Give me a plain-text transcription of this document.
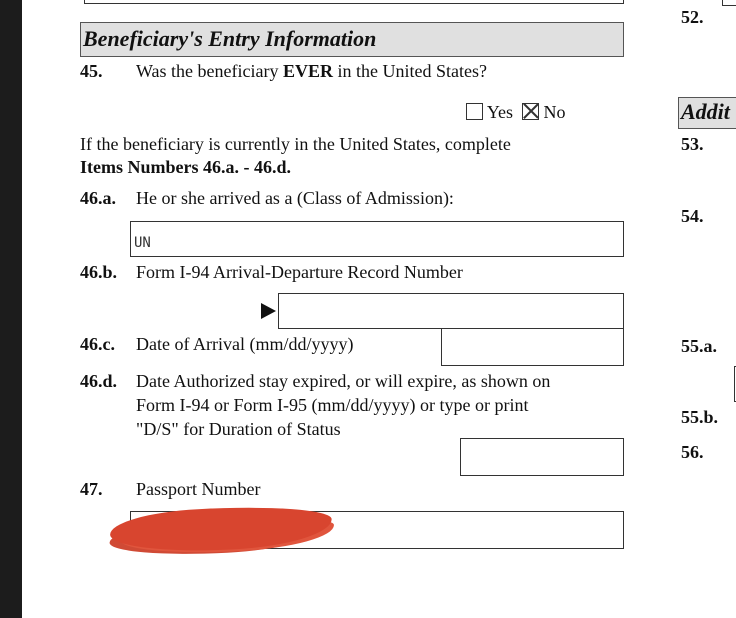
Beneficiary's Entry Information
45. Was the beneficiary EVER in the United States?
Yes No
If the beneficiary is currently in the United States, complete
Items Numbers 46.a. - 46.d.
46.a. He or she arrived as a (Class of Admission):
UN
46.b. Form I-94 Arrival-Departure Record Number
46.c. Date of Arrival (mm/dd/yyyy)
46.d. Date Authorized stay expired, or will expire, as shown on
Form I-94 or Form I-95 (mm/dd/yyyy) or type or print
"D/S" for Duration of Status
47. Passport Number
52.
Addit
53.
54.
55.a.
55.b.
56.
